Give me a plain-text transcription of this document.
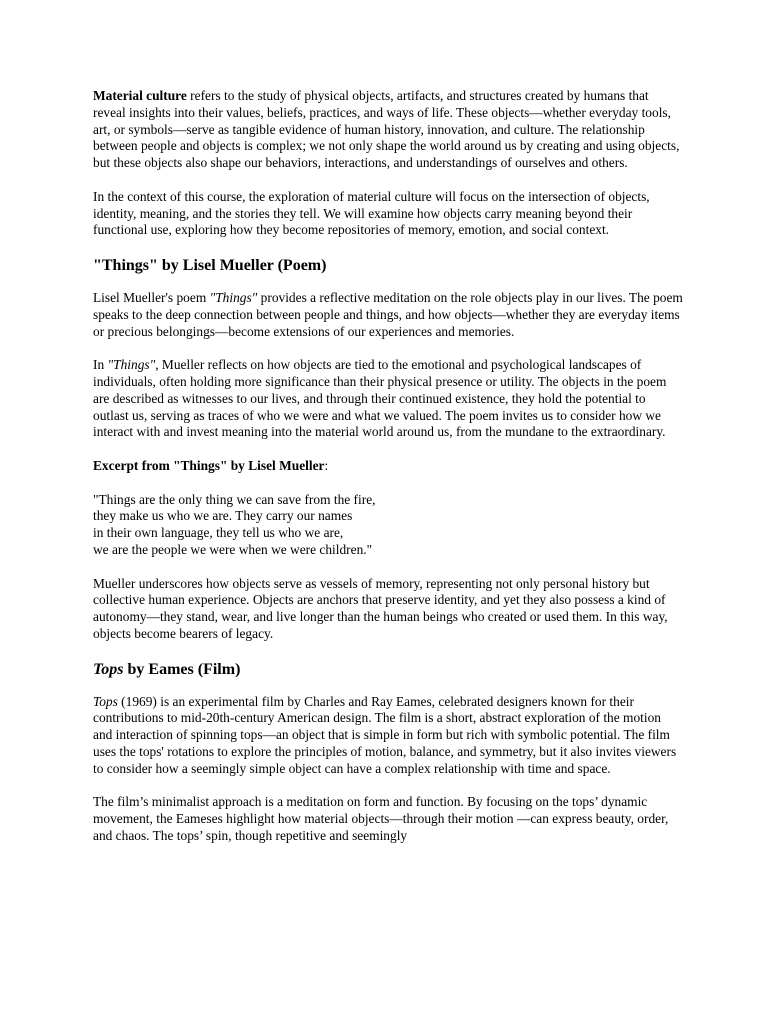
Material culture refers to the study of physical objects, artifacts, and structures created by humans that reveal insights into their values, beliefs, practices, and ways of life. These objects—whether everyday tools, art, or symbols—serve as tangible evidence of human history, innovation, and culture. The relationship between people and objects is complex; we not only shape the world around us by creating and using objects, but these objects also shape our behaviors, interactions, and understandings of ourselves and others.

In the context of this course, the exploration of material culture will focus on the intersection of objects, identity, meaning, and the stories they tell. We will examine how objects carry meaning beyond their functional use, exploring how they become repositories of memory, emotion, and social context.

"Things" by Lisel Mueller (Poem)

Lisel Mueller's poem "Things" provides a reflective meditation on the role objects play in our lives. The poem speaks to the deep connection between people and things, and how objects—whether they are everyday items or precious belongings—become extensions of our experiences and memories.

In "Things", Mueller reflects on how objects are tied to the emotional and psychological landscapes of individuals, often holding more significance than their physical presence or utility. The objects in the poem are described as witnesses to our lives, and through their continued existence, they hold the potential to outlast us, serving as traces of who we were and what we valued. The poem invites us to consider how we interact with and invest meaning into the material world around us, from the mundane to the extraordinary.

Excerpt from "Things" by Lisel Mueller:

"Things are the only thing we can save from the fire,
they make us who we are. They carry our names
in their own language, they tell us who we are,
we are the people we were when we were children."

Mueller underscores how objects serve as vessels of memory, representing not only personal history but collective human experience. Objects are anchors that preserve identity, and yet they also possess a kind of autonomy—they stand, wear, and live longer than the human beings who created or used them. In this way, objects become bearers of legacy.

Tops by Eames (Film)

Tops (1969) is an experimental film by Charles and Ray Eames, celebrated designers known for their contributions to mid-20th-century American design. The film is a short, abstract exploration of the motion and interaction of spinning tops—an object that is simple in form but rich with symbolic potential. The film uses the tops' rotations to explore the principles of motion, balance, and symmetry, but it also invites viewers to consider how a seemingly simple object can have a complex relationship with time and space.

The film’s minimalist approach is a meditation on form and function. By focusing on the tops’ dynamic movement, the Eameses highlight how material objects—through their motion —can express beauty, order, and chaos. The tops’ spin, though repetitive and seemingly
